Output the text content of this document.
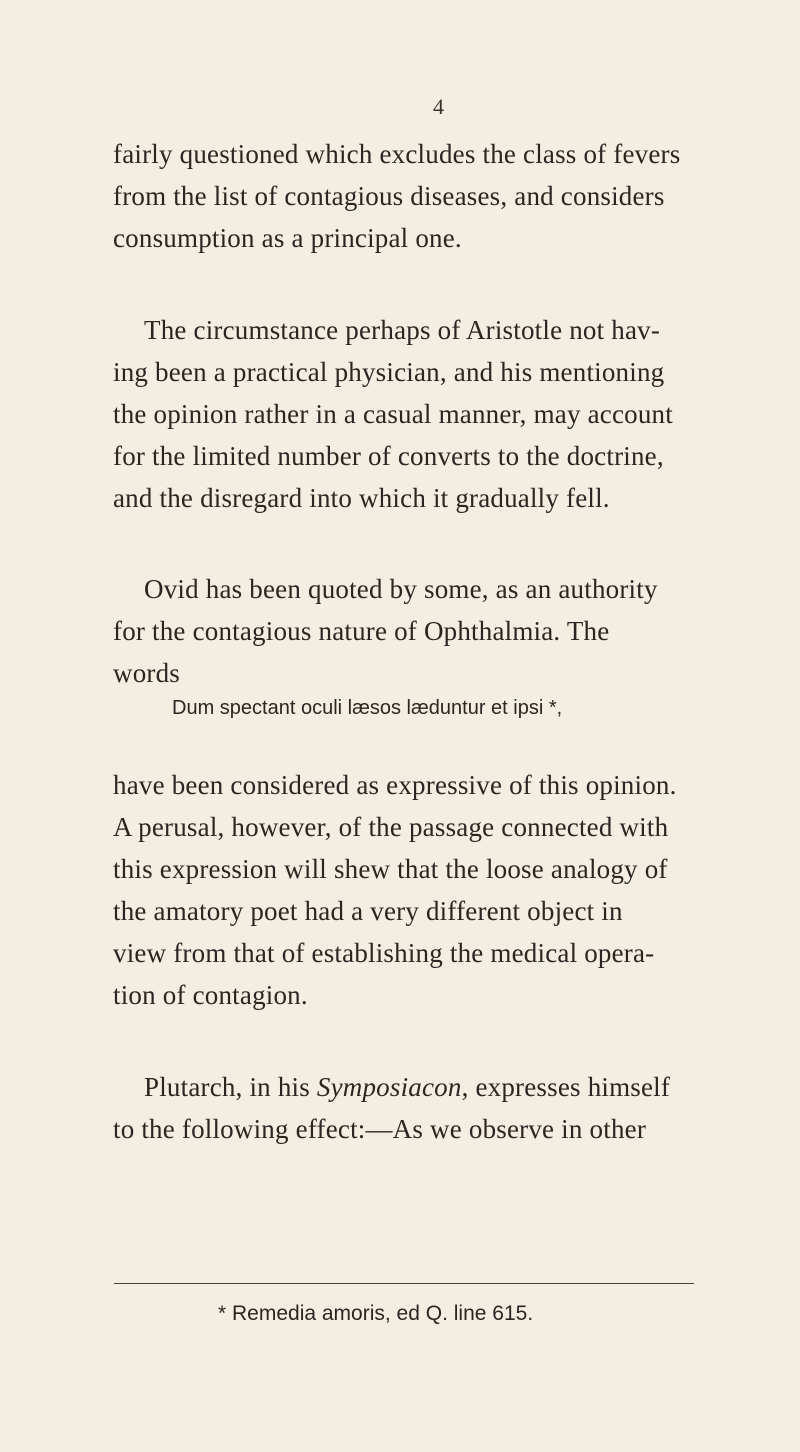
4
fairly questioned which excludes the class of fevers
from the list of contagious diseases, and considers
consumption as a principal one.
The circumstance perhaps of Aristotle not hav-
ing been a practical physician, and his mentioning
the opinion rather in a casual manner, may account
for the limited number of converts to the doctrine,
and the disregard into which it gradually fell.
Ovid has been quoted by some, as an authority
for the contagious nature of Ophthalmia. The
words
Dum spectant oculi læsos læduntur et ipsi *,
have been considered as expressive of this opinion.
A perusal, however, of the passage connected with
this expression will shew that the loose analogy of
the amatory poet had a very different object in
view from that of establishing the medical opera-
tion of contagion.
Plutarch, in his Symposiacon, expresses himself
to the following effect:—As we observe in other
* Remedia amoris, ed Q. line 615.
